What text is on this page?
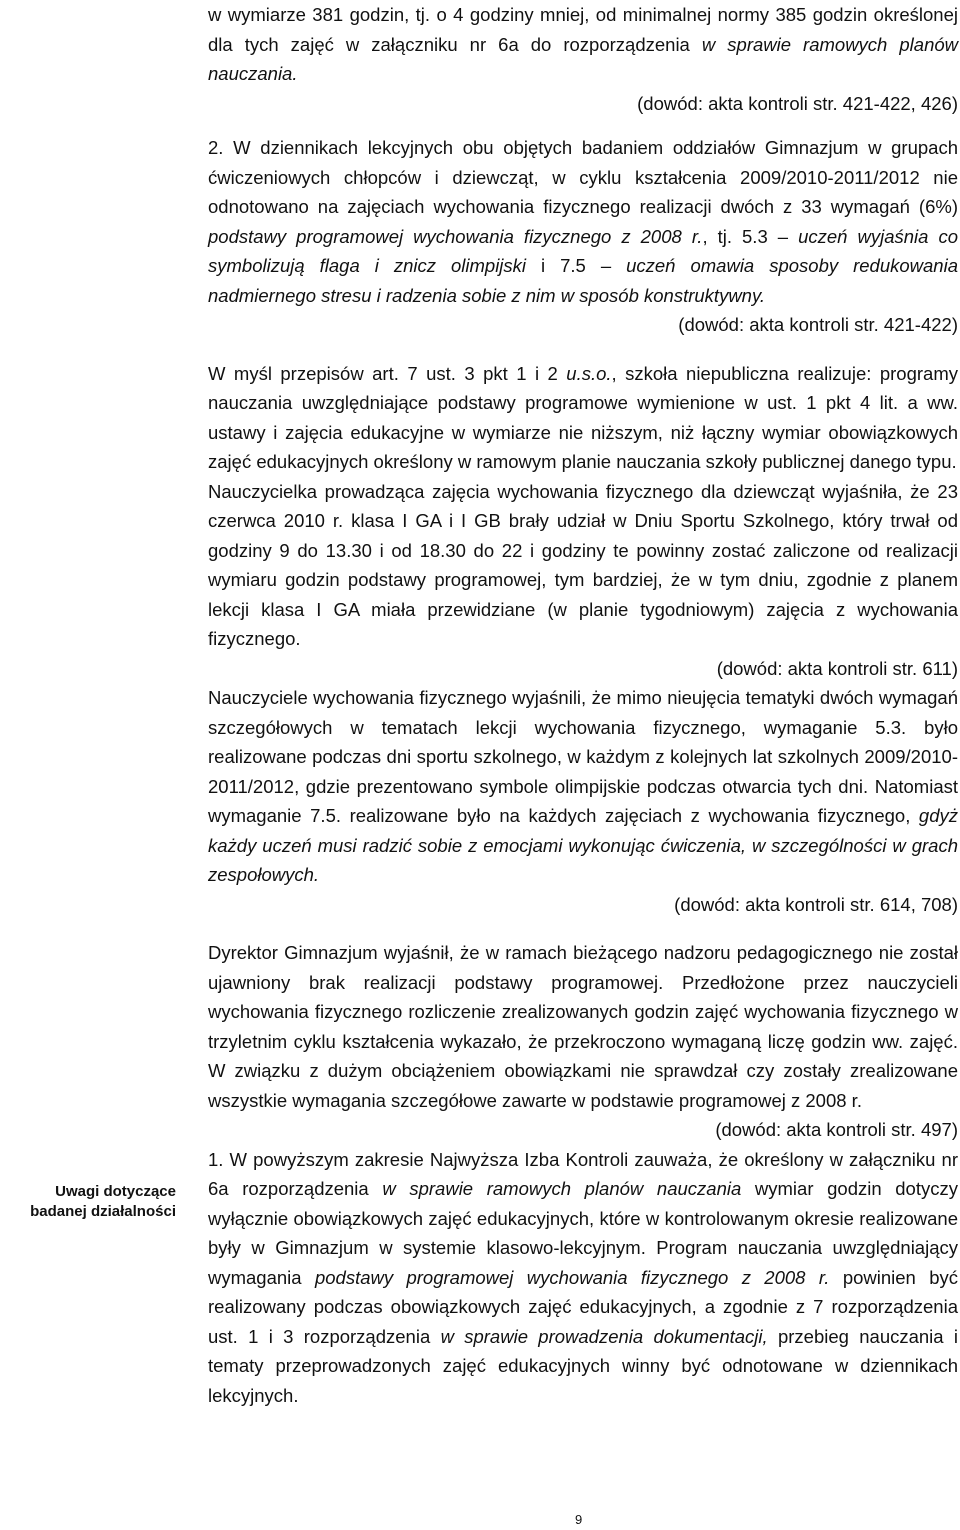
w wymiarze 381 godzin, tj. o 4 godziny mniej, od minimalnej normy 385 godzin określonej dla tych zajęć w załączniku nr 6a do rozporządzenia w sprawie ramowych planów nauczania.

(dowód: akta kontroli str. 421-422, 426)

2. W dziennikach lekcyjnych obu objętych badaniem oddziałów Gimnazjum w grupach ćwiczeniowych chłopców i dziewcząt, w cyklu kształcenia 2009/2010-2011/2012 nie odnotowano na zajęciach wychowania fizycznego realizacji dwóch z 33 wymagań (6%) podstawy programowej wychowania fizycznego z 2008 r., tj. 5.3 – uczeń wyjaśnia co symbolizują flaga i znicz olimpijski i 7.5 – uczeń omawia sposoby redukowania nadmiernego stresu i radzenia sobie z nim w sposób konstruktywny.

(dowód: akta kontroli str. 421-422)

W myśl przepisów art. 7 ust. 3 pkt 1 i 2 u.s.o., szkoła niepubliczna realizuje: programy nauczania uwzględniające podstawy programowe wymienione w ust. 1 pkt 4 lit. a ww. ustawy i zajęcia edukacyjne w wymiarze nie niższym, niż łączny wymiar obowiązkowych zajęć edukacyjnych określony w ramowym planie nauczania szkoły publicznej danego typu.

Nauczycielka prowadząca zajęcia wychowania fizycznego dla dziewcząt wyjaśniła, że 23 czerwca 2010 r. klasa I GA i I GB brały udział w Dniu Sportu Szkolnego, który trwał od godziny 9 do 13.30 i od 18.30 do 22 i godziny te powinny zostać zaliczone od realizacji wymiaru godzin podstawy programowej, tym bardziej, że w tym dniu, zgodnie z planem lekcji klasa I GA miała przewidziane (w planie tygodniowym) zajęcia z wychowania fizycznego.

(dowód: akta kontroli str. 611)

Nauczyciele wychowania fizycznego wyjaśnili, że mimo nieujęcia tematyki dwóch wymagań szczegółowych w tematach lekcji wychowania fizycznego, wymaganie 5.3. było realizowane podczas dni sportu szkolnego, w każdym z kolejnych lat szkolnych 2009/2010-2011/2012, gdzie prezentowano symbole olimpijskie podczas otwarcia tych dni. Natomiast wymaganie 7.5. realizowane było na każdych zajęciach z wychowania fizycznego, gdyż każdy uczeń musi radzić sobie z emocjami wykonując ćwiczenia, w szczególności w grach zespołowych.

(dowód: akta kontroli str. 614, 708)

Dyrektor Gimnazjum wyjaśnił, że w ramach bieżącego nadzoru pedagogicznego nie został ujawniony brak realizacji podstawy programowej. Przedłożone przez nauczycieli wychowania fizycznego rozliczenie zrealizowanych godzin zajęć wychowania fizycznego w trzyletnim cyklu kształcenia wykazało, że przekroczono wymaganą liczę godzin ww. zajęć. W związku z dużym obciążeniem obowiązkami nie sprawdzał czy zostały zrealizowane wszystkie wymagania szczegółowe zawarte w podstawie programowej z 2008 r.

(dowód: akta kontroli str. 497)

1. W powyższym zakresie Najwyższa Izba Kontroli zauważa, że określony w załączniku nr 6a rozporządzenia w sprawie ramowych planów nauczania wymiar godzin dotyczy wyłącznie obowiązkowych zajęć edukacyjnych, które w kontrolowanym okresie realizowane były w Gimnazjum w systemie klasowo-lekcyjnym. Program nauczania uwzględniający wymagania podstawy programowej wychowania fizycznego z 2008 r. powinien być realizowany podczas obowiązkowych zajęć edukacyjnych, a zgodnie z 7 rozporządzenia ust. 1 i 3 rozporządzenia w sprawie prowadzenia dokumentacji, przebieg nauczania i tematy przeprowadzonych zajęć edukacyjnych winny być odnotowane w dziennikach lekcyjnych.

Uwagi dotyczące
badanej działalności
9
